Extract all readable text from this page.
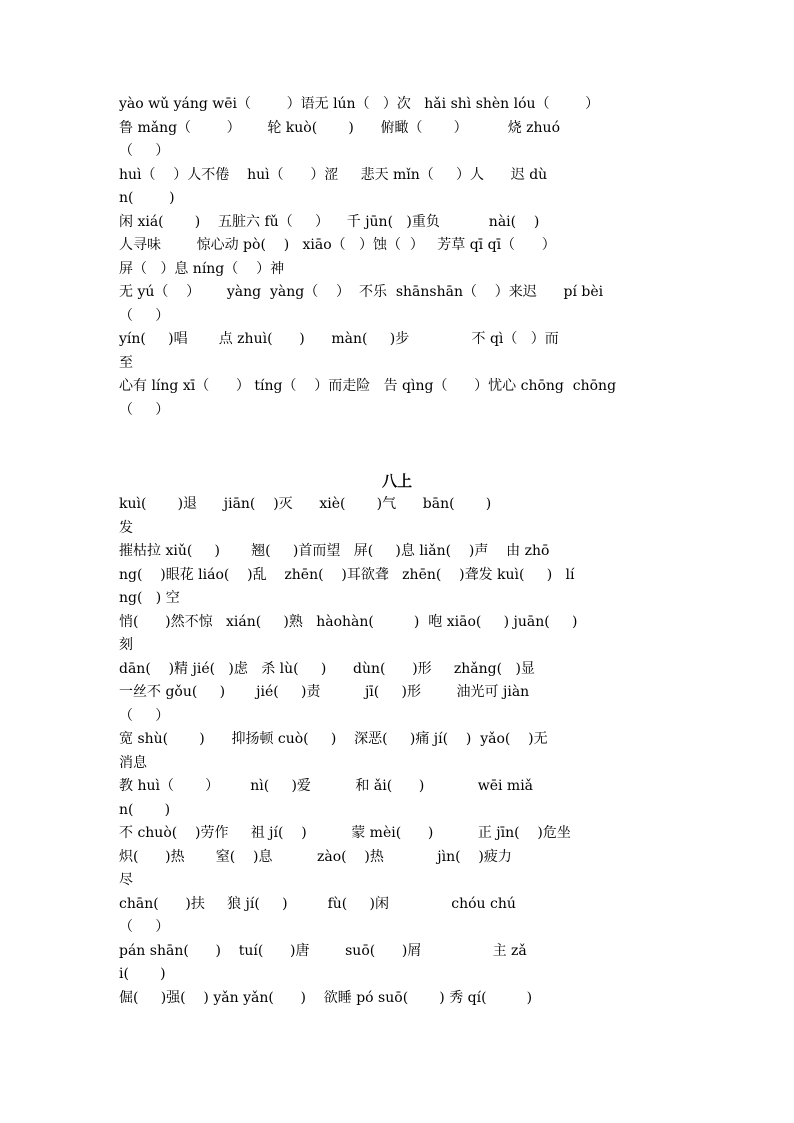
yào wǔ yáng wēi（        ）语无 lún（   ）次   hǎi shì shèn lóu（        ）
鲁 mǎng（        ）      轮 kuò(       )      俯瞰（       ）         烧 zhuó
（     ）
huì（    ）人不倦    huì（      ）涩     悲天 mǐn（     ）人      迟 dù
n(        )
闲 xiá(       )    五脏六 fǔ（     ）    千 jūn(   )重负           nài(    )
人寻味        惊心动 pò(    )   xiāo（   ）蚀（  ）   芳草 qī qī（      ）
屏（   ）息 níng（    ）神
无 yú（    ）      yàng  yàng（    ）  不乐  shānshān（    ）来迟      pí bèi
（     ）
yín(     )唱       点 zhuì(      )      màn(     )步              不 qì（   ）而
至
心有 líng xī（      ） tíng（    ）而走险   告 qìng（      ）忧心 chōng  chōng
（     ）
八上
kuì(       )退      jiān(    )灭      xiè(       )气      bān(       )
发
摧枯拉 xiǔ(     )       翘(     )首而望   屏(     )息 liǎn(    )声    由 zhō
ng(    )眼花 liáo(    )乱    zhēn(    )耳欲聋   zhēn(    )聋发 kuì(     )   lí
ng(   ) 空
悄(      )然不惊   xián(     )熟   hàohàn(         )  咆 xiāo(     ) juān(     )
刻
dān(    )精 jié(   )虑   杀 lù(     )      dùn(      )形     zhǎng(   )显
一丝不 gǒu(     )       jié(     )责          jī(     )形        油光可 jiàn
（     ）
宽 shù(       )      抑扬顿 cuò(     )    深恶(     )痛 jí(    )  yǎo(    )无
消息
教 huì（       ）       nì(     )爱          和 ǎi(      )            wēi miǎ
n(       )
不 chuò(    )劳作     祖 jí(    )          蒙 mèi(      )          正 jīn(    )危坐
炽(      )热       窒(    )息          zào(    )热            jìn(    )疲力
尽
chān(      )扶     狼 jí(     )         fù(     )闲              chóu chú
（     ）
pán shān(      )    tuí(      )唐        suō(      )屑                主 zǎ
i(       )
倔(     )强(    ) yǎn yǎn(      )    欲睡 pó suō(       ) 秀 qí(         )
